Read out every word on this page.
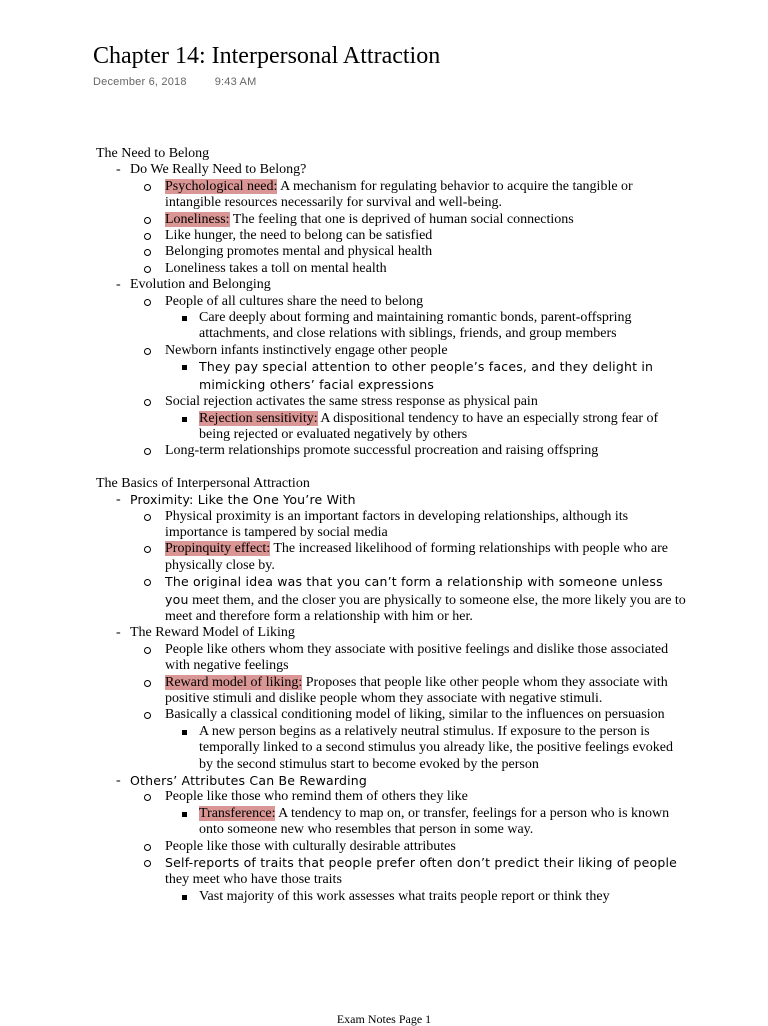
Chapter 14: Interpersonal Attraction
December 6, 2018	9:43 AM
The Need to Belong
- Do We Really Need to Belong?
Psychological need: A mechanism for regulating behavior to acquire the tangible or intangible resources necessarily for survival and well-being.
Loneliness: The feeling that one is deprived of human social connections
Like hunger, the need to belong can be satisfied
Belonging promotes mental and physical health
Loneliness takes a toll on mental health
- Evolution and Belonging
People of all cultures share the need to belong
Care deeply about forming and maintaining romantic bonds, parent-offspring attachments, and close relations with siblings, friends, and group members
Newborn infants instinctively engage other people
They pay special attention to other people’s faces, and they delight in mimicking others’ facial expressions
Social rejection activates the same stress response as physical pain
Rejection sensitivity: A dispositional tendency to have an especially strong fear of being rejected or evaluated negatively by others
Long-term relationships promote successful procreation and raising offspring
The Basics of Interpersonal Attraction
- Proximity: Like the One You’re With
Physical proximity is an important factors in developing relationships, although its importance is tampered by social media
Propinquity effect: The increased likelihood of forming relationships with people who are physically close by.
The original idea was that you can’t form a relationship with someone unless you meet them, and the closer you are physically to someone else, the more likely you are to meet and therefore form a relationship with him or her.
- The Reward Model of Liking
People like others whom they associate with positive feelings and dislike those associated with negative feelings
Reward model of liking: Proposes that people like other people whom they associate with positive stimuli and dislike people whom they associate with negative stimuli.
Basically a classical conditioning model of liking, similar to the influences on persuasion
A new person begins as a relatively neutral stimulus. If exposure to the person is temporally linked to a second stimulus you already like, the positive feelings evoked by the second stimulus start to become evoked by the person
- Others’ Attributes Can Be Rewarding
People like those who remind them of others they like
Transference: A tendency to map on, or transfer, feelings for a person who is known onto someone new who resembles that person in some way.
People like those with culturally desirable attributes
Self-reports of traits that people prefer often don’t predict their liking of people they meet who have those traits
Vast majority of this work assesses what traits people report or think they
Exam Notes Page 1
